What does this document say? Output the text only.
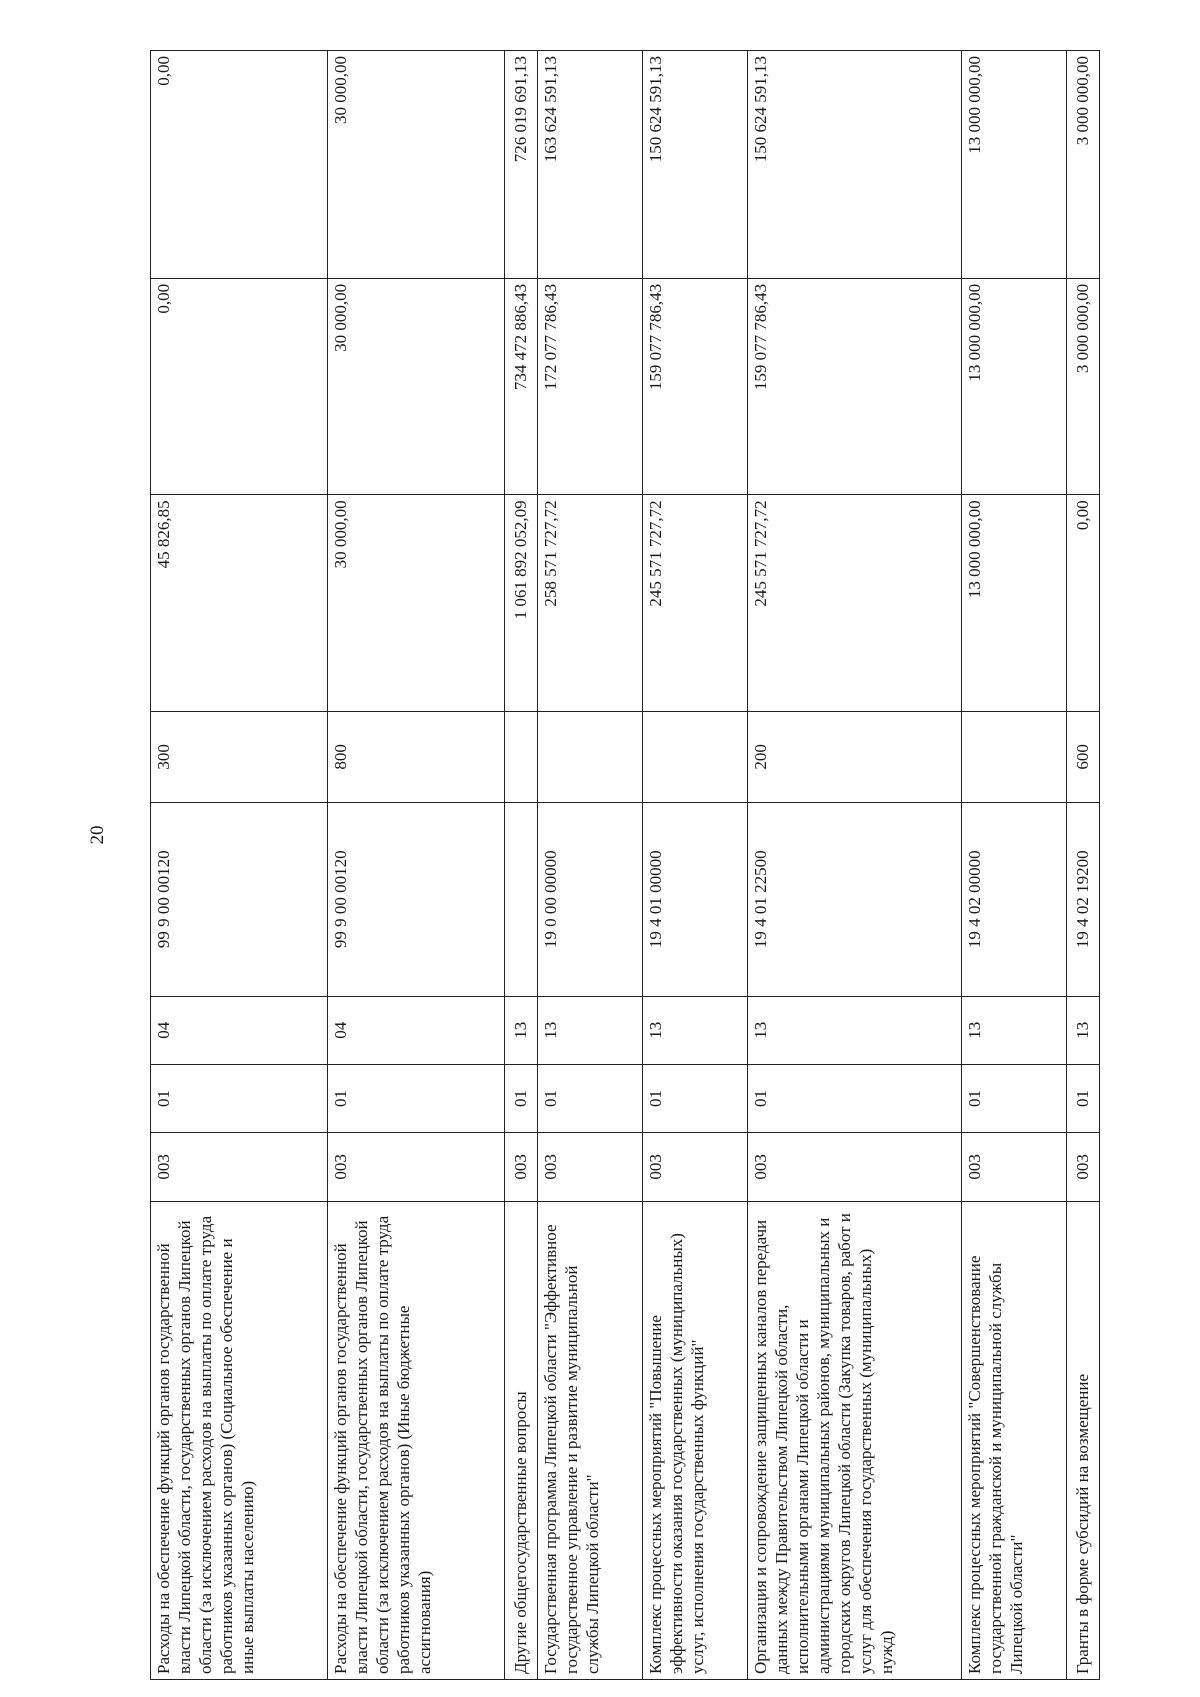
20
Расходы на обеспечение функций органов государственной власти Липецкой области, государственных органов Липецкой области (за исключением расходов на выплаты по оплате труда работников указанных органов) (Социальное обеспечение и иные выплаты населению)	003	01	04	99 9 00 00120	300	45 826,85	0,00	0,00
Расходы на обеспечение функций органов государственной власти Липецкой области, государственных органов Липецкой области (за исключением расходов на выплаты по оплате труда работников указанных органов) (Иные бюджетные ассигнования)	003	01	04	99 9 00 00120	800	30 000,00	30 000,00	30 000,00
Другие общегосударственные вопросы	003	01	13			1 061 892 052,09	734 472 886,43	726 019 691,13
Государственная программа Липецкой области "Эффективное государственное управление и развитие муниципальной службы Липецкой области"	003	01	13	19 0 00 00000		258 571 727,72	172 077 786,43	163 624 591,13
Комплекс процессных мероприятий "Повышение эффективности оказания государственных (муниципальных) услуг, исполнения государственных функций"	003	01	13	19 4 01 00000		245 571 727,72	159 077 786,43	150 624 591,13
Организация и сопровождение защищенных каналов передачи данных между Правительством Липецкой области, исполнительными органами Липецкой области и администрациями муниципальных районов, муниципальных и городских округов Липецкой области (Закупка товаров, работ и услуг для обеспечения государственных (муниципальных) нужд)	003	01	13	19 4 01 22500	200	245 571 727,72	159 077 786,43	150 624 591,13
Комплекс процессных мероприятий "Совершенствование государственной гражданской и муниципальной службы Липецкой области"	003	01	13	19 4 02 00000		13 000 000,00	13 000 000,00	13 000 000,00
Гранты в форме субсидий на возмещение	003	01	13	19 4 02 19200	600	0,00	3 000 000,00	3 000 000,00
